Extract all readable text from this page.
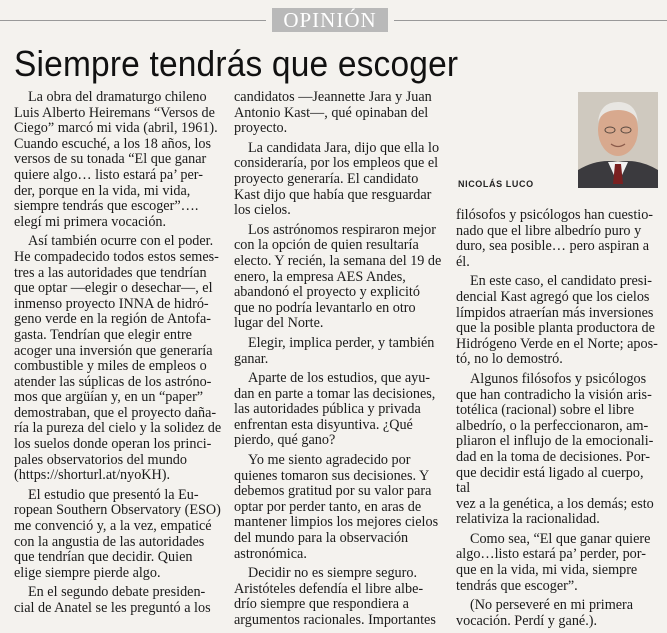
OPINIÓN
Siempre tendrás que escoger

La obra del dramaturgo chileno
Luis Alberto Heiremans “Versos de
Ciego” marcó mi vida (abril, 1961).
Cuando escuché, a los 18 años, los
versos de su tonada “El que ganar
quiere algo… listo estará pa’ per-
der, porque en la vida, mi vida,
siempre tendrás que escoger”….
elegí mi primera vocación.

Así también ocurre con el poder.
He compadecido todos estos semes-
tres a las autoridades que tendrían
que optar —elegir o desechar—, el
inmenso proyecto INNA de hidró-
geno verde en la región de Antofa-
gasta. Tendrían que elegir entre
acoger una inversión que generaría
combustible y miles de empleos o
atender las súplicas de los astróno-
mos que argüían y, en un “paper”
demostraban, que el proyecto daña-
ría la pureza del cielo y la solidez de
los suelos donde operan los princi-
pales observatorios del mundo
(https://shorturl.at/nyoKH).

El estudio que presentó la Eu-
ropean Southern Observatory (ESO)
me convenció y, a la vez, empaticé
con la angustia de las autoridades
que tendrían que decidir. Quien
elige siempre pierde algo.

En el segundo debate presiden-
cial de Anatel se les preguntó a los

candidatos —Jeannette Jara y Juan
Antonio Kast—, qué opinaban del
proyecto.

La candidata Jara, dijo que ella lo
consideraría, por los empleos que el
proyecto generaría. El candidato
Kast dijo que había que resguardar
los cielos.

Los astrónomos respiraron mejor
con la opción de quien resultaría
electo. Y recién, la semana del 19 de
enero, la empresa AES Andes,
abandonó el proyecto y explicitó
que no podría levantarlo en otro
lugar del Norte.

Elegir, implica perder, y también
ganar.

Aparte de los estudios, que ayu-
dan en parte a tomar las decisiones,
las autoridades pública y privada
enfrentan esta disyuntiva. ¿Qué
pierdo, qué gano?

Yo me siento agradecido por
quienes tomaron sus decisiones. Y
debemos gratitud por su valor para
optar por perder tanto, en aras de
mantener limpios los mejores cielos
del mundo para la observación
astronómica.

Decidir no es siempre seguro.
Aristóteles defendía el libre albe-
drío siempre que respondiera a
argumentos racionales. Importantes

NICOLÁS LUCO

filósofos y psicólogos han cuestio-
nado que el libre albedrío puro y
duro, sea posible… pero aspiran a
él.

En este caso, el candidato presi-
dencial Kast agregó que los cielos
límpidos atraerían más inversiones
que la posible planta productora de
Hidrógeno Verde en el Norte; apos-
tó, no lo demostró.

Algunos filósofos y psicólogos
que han contradicho la visión aris-
totélica (racional) sobre el libre
albedrío, o la perfeccionaron, am-
pliaron el influjo de la emocionali-
dad en la toma de decisiones. Por-
que decidir está ligado al cuerpo, tal
vez a la genética, a los demás; esto
relativiza la racionalidad.

Como sea, “El que ganar quiere
algo…listo estará pa’ perder, por-
que en la vida, mi vida, siempre
tendrás que escoger”.

(No perseveré en mi primera
vocación. Perdí y gané.).
